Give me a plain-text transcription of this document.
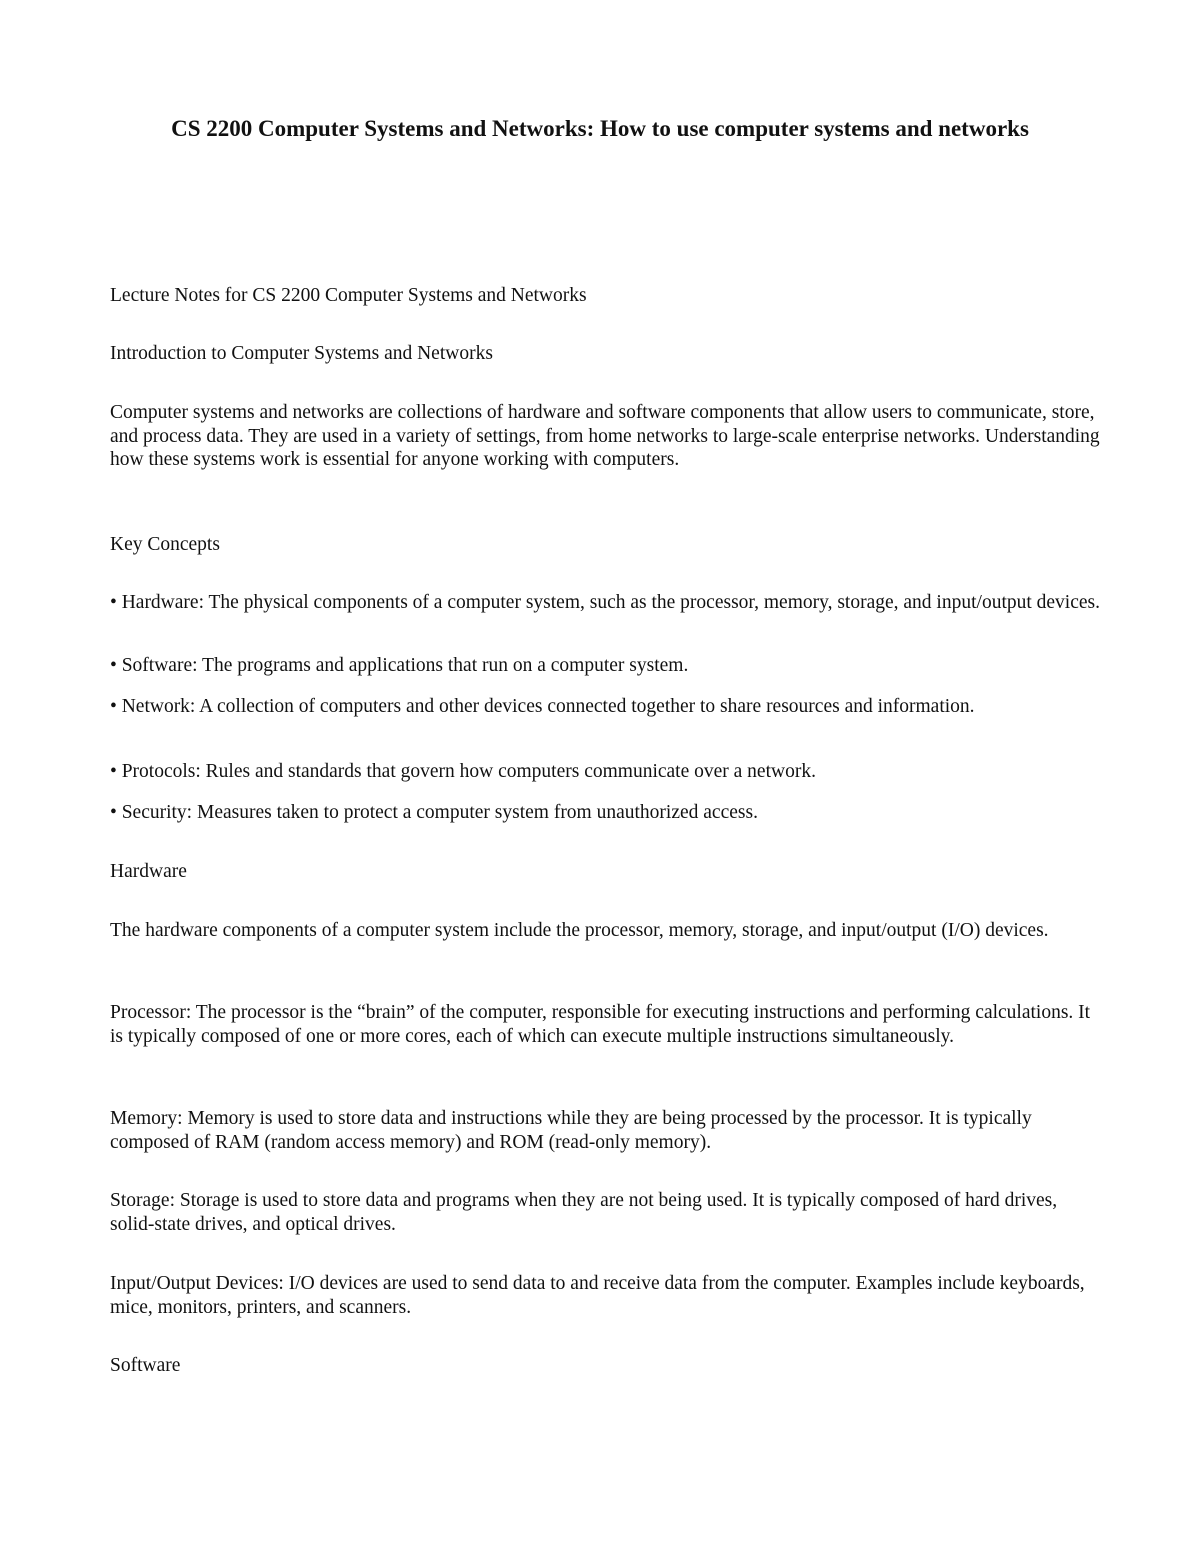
CS 2200 Computer Systems and Networks: How to use computer systems and networks

Lecture Notes for CS 2200 Computer Systems and Networks

Introduction to Computer Systems and Networks

Computer systems and networks are collections of hardware and software components that allow users to communicate, store, and process data. They are used in a variety of settings, from home networks to large-scale enterprise networks. Understanding how these systems work is essential for anyone working with computers.

Key Concepts

• Hardware: The physical components of a computer system, such as the processor, memory, storage, and input/output devices.

• Software: The programs and applications that run on a computer system.

• Network: A collection of computers and other devices connected together to share resources and information.

• Protocols: Rules and standards that govern how computers communicate over a network.

• Security: Measures taken to protect a computer system from unauthorized access.

Hardware

The hardware components of a computer system include the processor, memory, storage, and input/output (I/O) devices.

Processor: The processor is the “brain” of the computer, responsible for executing instructions and performing calculations. It is typically composed of one or more cores, each of which can execute multiple instructions simultaneously.

Memory: Memory is used to store data and instructions while they are being processed by the processor. It is typically composed of RAM (random access memory) and ROM (read-only memory).

Storage: Storage is used to store data and programs when they are not being used. It is typically composed of hard drives, solid-state drives, and optical drives.

Input/Output Devices: I/O devices are used to send data to and receive data from the computer. Examples include keyboards, mice, monitors, printers, and scanners.

Software
